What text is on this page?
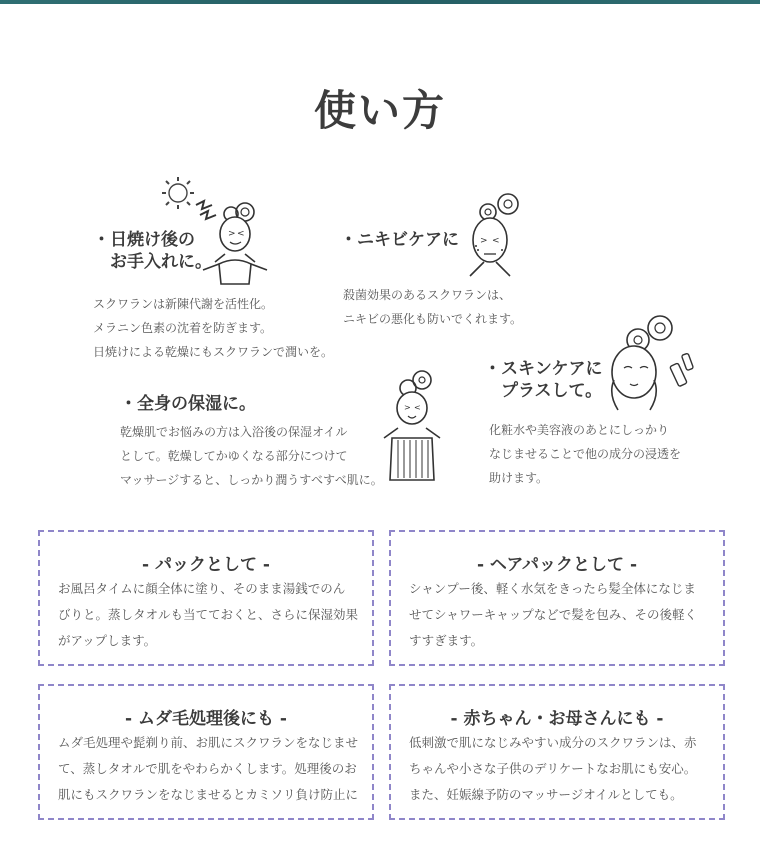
使い方
> <
・日焼け後の
　お手入れに。
スクワランは新陳代謝を活性化。
メラニン色素の沈着を防ぎます。
日焼けによる乾燥にもスクワランで潤いを。
> <
・ニキビケアに
殺菌効果のあるスクワランは、
ニキビの悪化も防いでくれます。
・スキンケアに
　プラスして。
化粧水や美容液のあとにしっかり
なじませることで他の成分の浸透を
助けます。
> <
・全身の保湿に。
乾燥肌でお悩みの方は入浴後の保湿オイル
として。乾燥してかゆくなる部分につけて
マッサージすると、しっかり潤うすべすべ肌に。
- パックとして -
お風呂タイムに顔全体に塗り、そのまま湯銭でのん
びりと。蒸しタオルも当てておくと、さらに保湿効果
がアップします。
- ヘアパックとして -
シャンプー後、軽く水気をきったら髪全体になじま
せてシャワーキャップなどで髪を包み、その後軽く
すすぎます。
- ムダ毛処理後にも -
ムダ毛処理や髭剃り前、お肌にスクワランをなじませ
て、蒸しタオルで肌をやわらかくします。処理後のお
肌にもスクワランをなじませるとカミソリ負け防止に
- 赤ちゃん・お母さんにも -
低刺激で肌になじみやすい成分のスクワランは、赤
ちゃんや小さな子供のデリケートなお肌にも安心。
また、妊娠線予防のマッサージオイルとしても。
